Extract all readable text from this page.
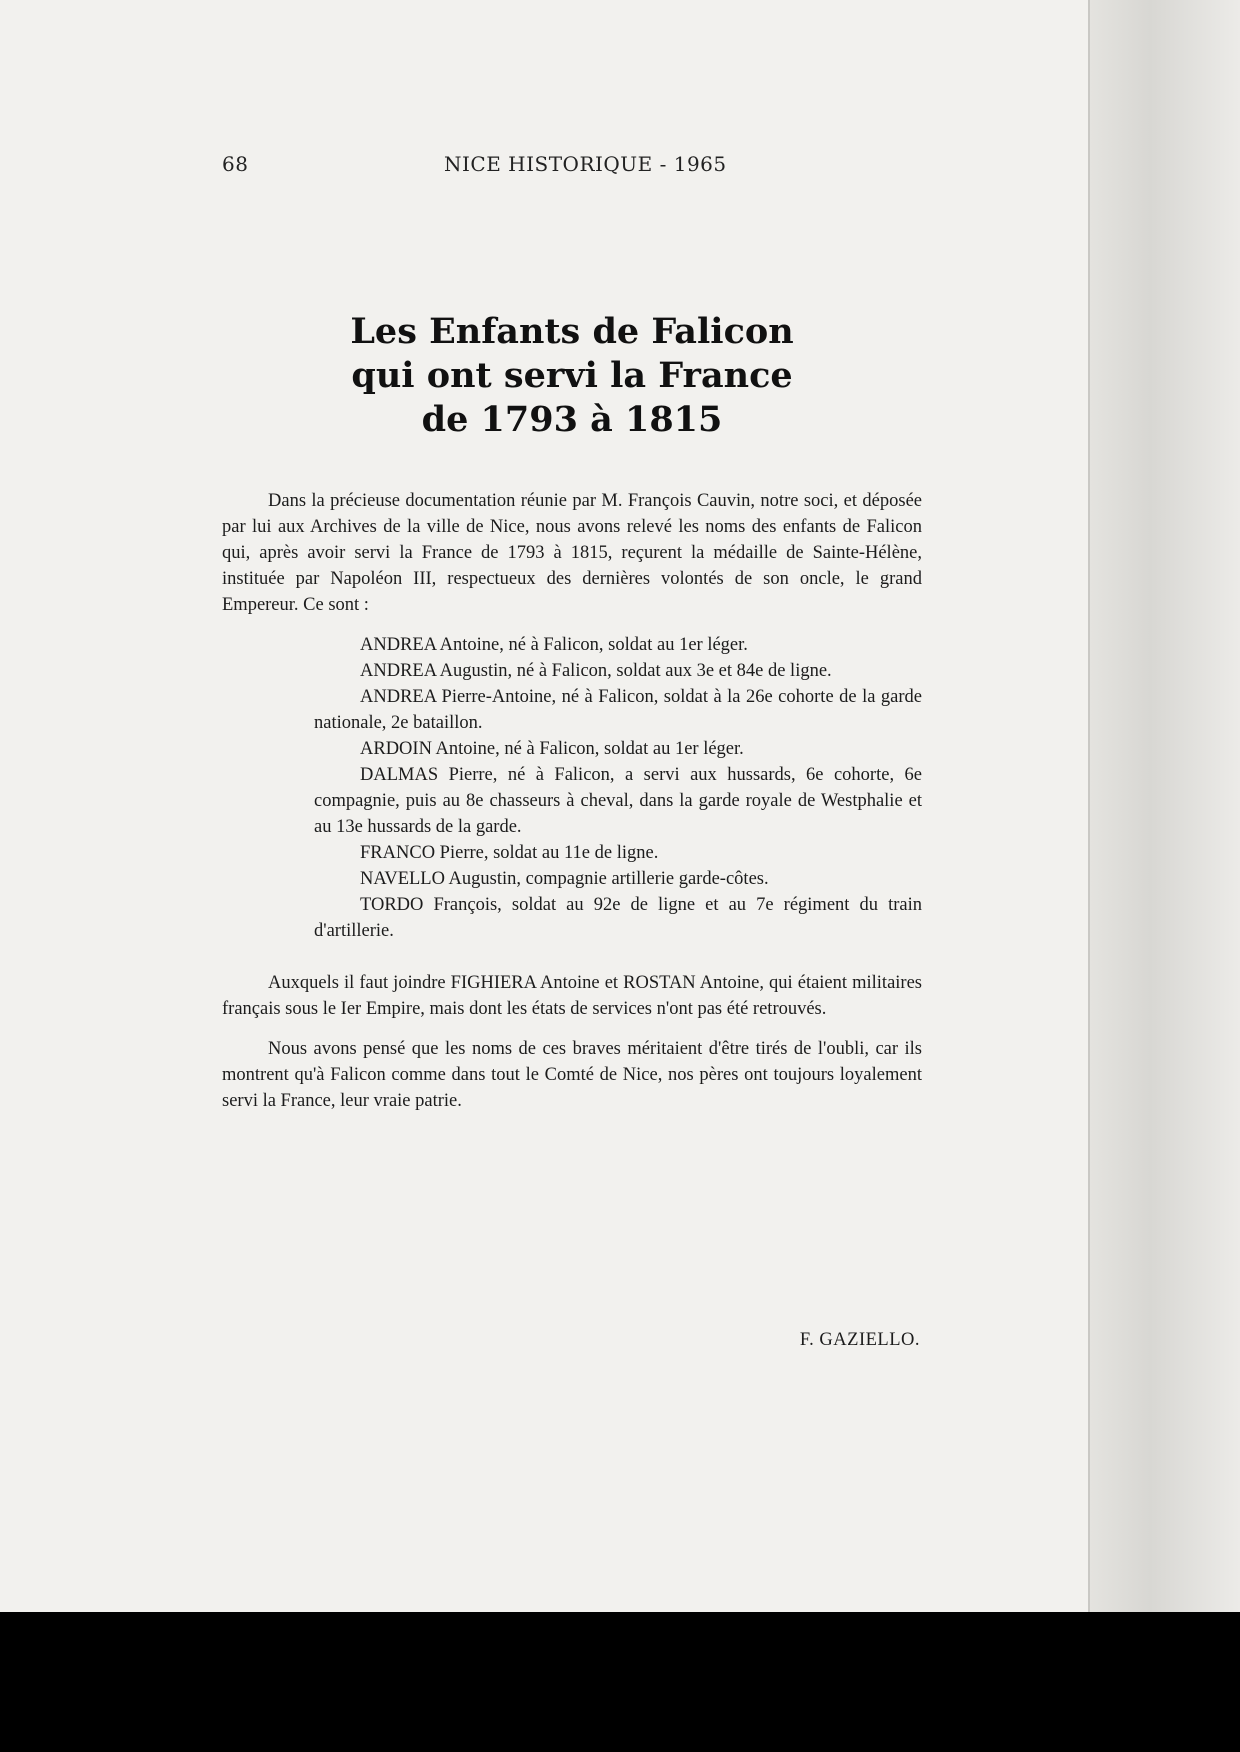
68	NICE HISTORIQUE - 1965
Les Enfants de Falicon
qui ont servi la France
de 1793 à 1815

Dans la précieuse documentation réunie par M. François Cauvin, notre soci, et déposée par lui aux Archives de la ville de Nice, nous avons relevé les noms des enfants de Falicon qui, après avoir servi la France de 1793 à 1815, reçurent la médaille de Sainte-Hélène, instituée par Napoléon III, respectueux des dernières volontés de son oncle, le grand Empereur. Ce sont :

ANDREA Antoine, né à Falicon, soldat au 1er léger.

ANDREA Augustin, né à Falicon, soldat aux 3e et 84e de ligne.

ANDREA Pierre-Antoine, né à Falicon, soldat à la 26e cohorte de la garde nationale, 2e bataillon.

ARDOIN Antoine, né à Falicon, soldat au 1er léger.

DALMAS Pierre, né à Falicon, a servi aux hussards, 6e cohorte, 6e compagnie, puis au 8e chasseurs à cheval, dans la garde royale de Westphalie et au 13e hussards de la garde.

FRANCO Pierre, soldat au 11e de ligne.

NAVELLO Augustin, compagnie artillerie garde-côtes.

TORDO François, soldat au 92e de ligne et au 7e régiment du train d'artillerie.

Auxquels il faut joindre FIGHIERA Antoine et ROSTAN Antoine, qui étaient militaires français sous le Ier Empire, mais dont les états de services n'ont pas été retrouvés.

Nous avons pensé que les noms de ces braves méritaient d'être tirés de l'oubli, car ils montrent qu'à Falicon comme dans tout le Comté de Nice, nos pères ont toujours loyalement servi la France, leur vraie patrie.

F. GAZIELLO.
